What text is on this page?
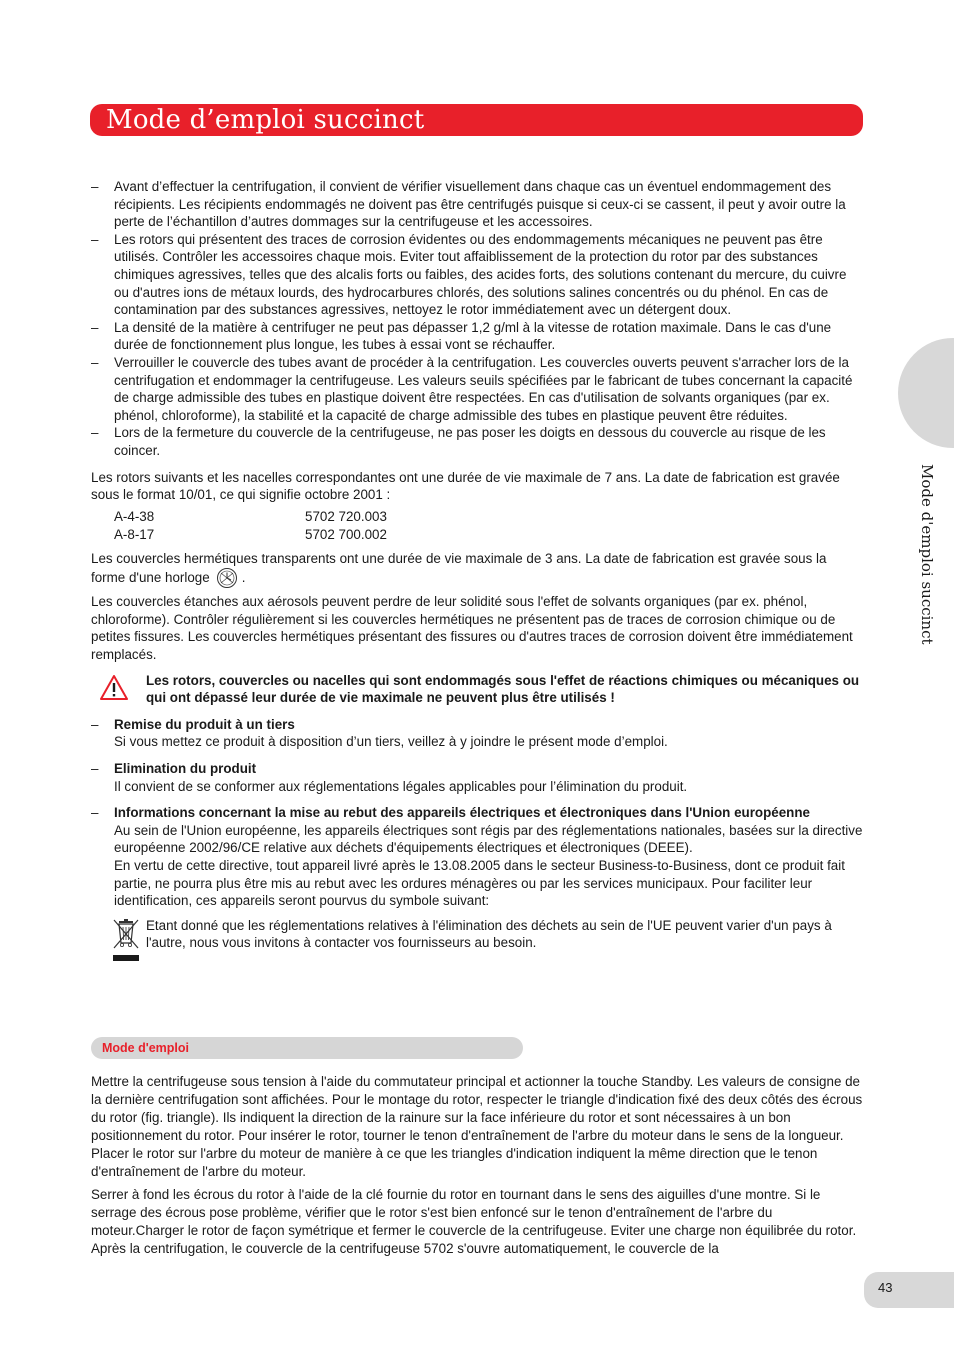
Mode d’emploi succinct
Mode d'emploi succinct

– Avant d’effectuer la centrifugation, il convient de vérifier visuellement dans chaque cas un éventuel endommagement des récipients. Les récipients endommagés ne doivent pas être centrifugés puisque si ceux-ci se cassent, il peut y avoir outre la perte de l’échantillon d’autres dommages sur la centrifugeuse et les accessoires.

– Les rotors qui présentent des traces de corrosion évidentes ou des endommagements mécaniques ne peuvent pas être utilisés. Contrôler les accessoires chaque mois. Eviter tout affaiblissement de la protection du rotor par des substances chimiques agressives, telles que des alcalis forts ou faibles, des acides forts, des solutions contenant du mercure, du cuivre ou d'autres ions de métaux lourds, des hydrocarbures chlorés, des solutions salines concentrés ou du phénol. En cas de contamination par des substances agressives, nettoyez le rotor immédiatement avec un détergent doux.

– La densité de la matière à centrifuger ne peut pas dépasser 1,2 g/ml à la vitesse de rotation maximale. Dans le cas d'une durée de fonctionnement plus longue, les tubes à essai vont se réchauffer.

– Verrouiller le couvercle des tubes avant de procéder à la centrifugation. Les couvercles ouverts peuvent s'arracher lors de la centrifugation et endommager la centrifugeuse. Les valeurs seuils spécifiées par le fabricant de tubes concernant la capacité de charge admissible des tubes en plastique doivent être respectées. En cas d'utilisation de solvants organiques (par ex. phénol, chloroforme), la stabilité et la capacité de charge admissible des tubes en plastique peuvent être réduites.

– Lors de la fermeture du couvercle de la centrifugeuse, ne pas poser les doigts en dessous du couvercle au risque de les coincer.

Les rotors suivants et les nacelles correspondantes ont une durée de vie maximale de 7 ans. La date de fabrication est gravée sous le format 10/01, ce qui signifie octobre 2001 :

A-4-38	5702 720.003
A-8-17	5702 700.002

Les couvercles hermétiques transparents ont une durée de vie maximale de 3 ans. La date de fabrication est gravée sous la forme d'une horloge .

Les couvercles étanches aux aérosols peuvent perdre de leur solidité sous l'effet de solvants organiques (par ex. phénol, chloroforme). Contrôler régulièrement si les couvercles hermétiques ne présentent pas de traces de corrosion chimique ou de petites fissures. Les couvercles hermétiques présentant des fissures ou d'autres traces de corrosion doivent être immédiatement remplacés.

Les rotors, couvercles ou nacelles qui sont endommagés sous l'effet de réactions chimiques ou mécaniques ou qui ont dépassé leur durée de vie maximale ne peuvent plus être utilisés !

– Remise du produit à un tiers

Si vous mettez ce produit à disposition d’un tiers, veillez à y joindre le présent mode d’emploi.

– Elimination du produit

Il convient de se conformer aux réglementations légales applicables pour l’élimination du produit.

– Informations concernant la mise au rebut des appareils électriques et électroniques dans l'Union européenne

Au sein de l'Union européenne, les appareils électriques sont régis par des réglementations nationales, basées sur la directive européenne 2002/96/CE relative aux déchets d'équipements électriques et électroniques (DEEE).

En vertu de cette directive, tout appareil livré après le 13.08.2005 dans le secteur Business-to-Business, dont ce produit fait partie, ne pourra plus être mis au rebut avec les ordures ménagères ou par les services municipaux. Pour faciliter leur identification, ces appareils seront pourvus du symbole suivant:

Etant donné que les réglementations relatives à l'élimination des déchets au sein de l'UE peuvent varier d'un pays à l'autre, nous vous invitons à contacter vos fournisseurs au besoin.

Mode d'emploi

Mettre la centrifugeuse sous tension à l'aide du commutateur principal et actionner la touche Standby. Les valeurs de consigne de la dernière centrifugation sont affichées. Pour le montage du rotor, respecter le triangle d'indication fixé des deux côtés des écrous du rotor (fig. triangle). Ils indiquent la direction de la rainure sur la face inférieure du rotor et sont nécessaires à un bon positionnement du rotor. Pour insérer le rotor, tourner le tenon d'entraînement de l'arbre du moteur dans le sens de la longueur. Placer le rotor sur l'arbre du moteur de manière à ce que les triangles d'indication indiquent la même direction que le tenon d'entraînement de l'arbre du moteur.

Serrer à fond les écrous du rotor à l'aide de la clé fournie du rotor en tournant dans le sens des aiguilles d'une montre. Si le serrage des écrous pose problème, vérifier que le rotor s'est bien enfoncé sur le tenon d'entraînement de l'arbre du moteur.Charger le rotor de façon symétrique et fermer le couvercle de la centrifugeuse. Eviter une charge non équilibrée du rotor. Après la centrifugation, le couvercle de la centrifugeuse 5702 s'ouvre automatiquement, le couvercle de la

43
